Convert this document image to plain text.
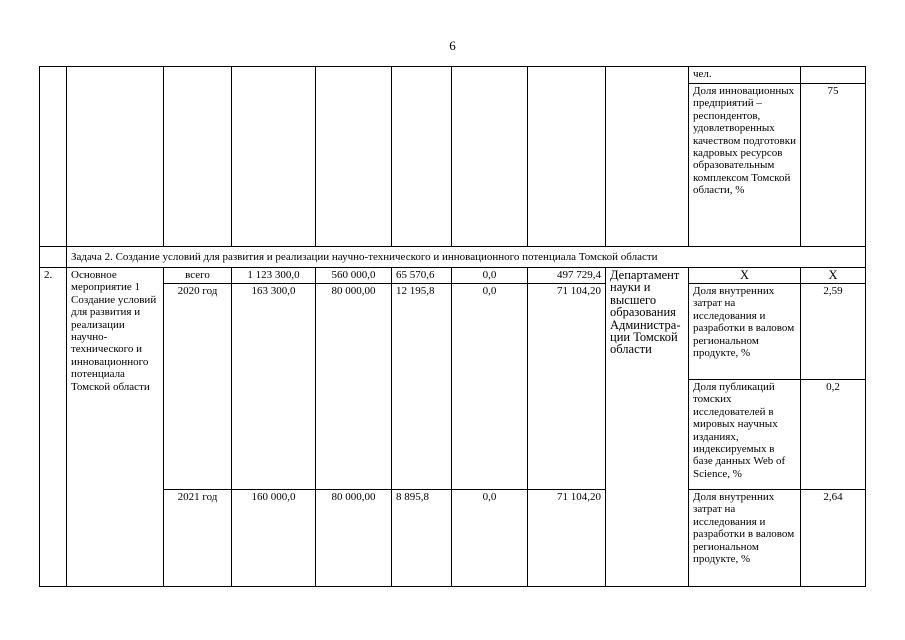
6
									чел.	
									Доля инновационных предприятий – респондентов, удовлетворенных качеством подготовки кадровых ресурсов образовательным комплексом Томской области, %	75
	Задача 2. Создание условий для развития и реализации научно-технического и инновационного потенциала Томской области									
2.	Основное мероприятие 1 Создание условий для развития и реализации научно-технического и инновационного потенциала Томской области	всего	1 123 300,0	560 000,0	65 570,6	0,0	497 729,4	Департамент науки и высшего образования Администра-ции Томской области	X	X
		2020 год	163 300,0	80 000,00	12 195,8	0,0	71 104,20		Доля внутренних затрат на исследования и разработки в валовом региональном продукте, %	2,59
									Доля публикаций томских исследователей в мировых научных изданиях, индексируемых в базе данных Web of Science, %	0,2
		2021 год	160 000,0	80 000,00	8 895,8	0,0	71 104,20		Доля внутренних затрат на исследования и разработки в валовом региональном продукте, %	2,64
